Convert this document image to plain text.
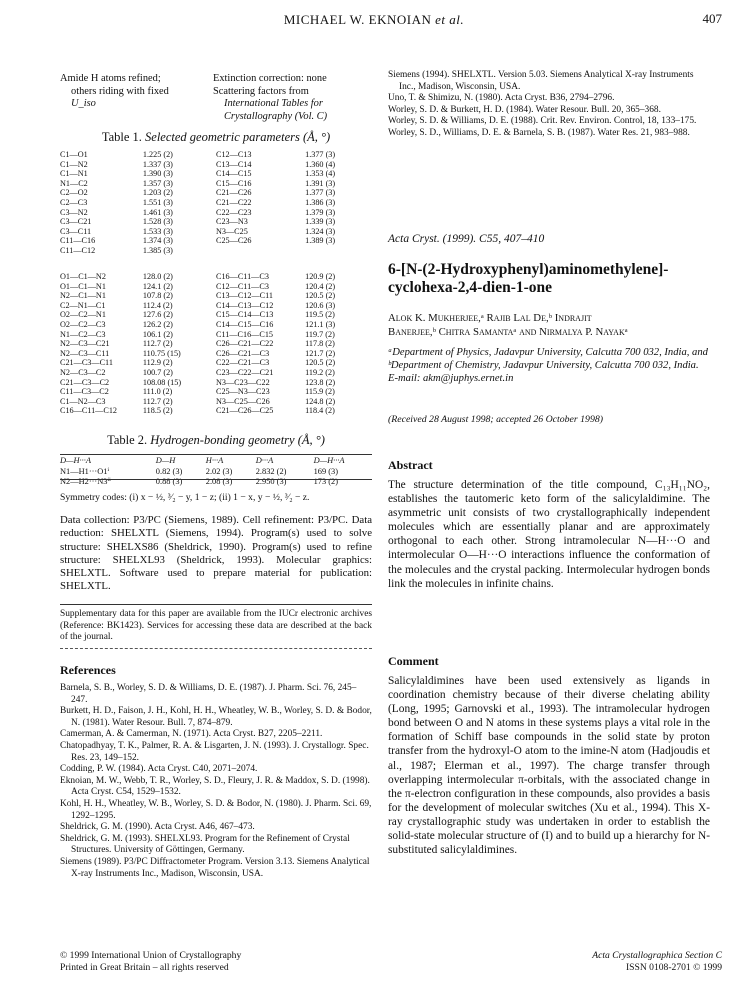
MICHAEL W. EKNOIAN et al.	407
Amide H atoms refined;
others riding with fixed
U_iso
Extinction correction: none
Scattering factors from
International Tables for
Crystallography (Vol. C)
Table 1. Selected geometric parameters (Å, °)
C1—O1	1.225 (2)	C12—C13	1.377 (3)
C1—N2	1.337 (3)	C13—C14	1.360 (4)
C1—N1	1.390 (3)	C14—C15	1.353 (4)
N1—C2	1.357 (3)	C15—C16	1.391 (3)
C2—O2	1.203 (2)	C21—C26	1.377 (3)
C2—C3	1.551 (3)	C21—C22	1.386 (3)
C3—N2	1.461 (3)	C22—C23	1.379 (3)
C3—C21	1.528 (3)	C23—N3	1.339 (3)
C3—C11	1.533 (3)	N3—C25	1.324 (3)
C11—C16	1.374 (3)	C25—C26	1.389 (3)
C11—C12	1.385 (3)		
O1—C1—N2	128.0 (2)	C16—C11—C3	120.9 (2)
O1—C1—N1	124.1 (2)	C12—C11—C3	120.4 (2)
N2—C1—N1	107.8 (2)	C13—C12—C11	120.5 (2)
C2—N1—C1	112.4 (2)	C14—C13—C12	120.6 (3)
O2—C2—N1	127.6 (2)	C15—C14—C13	119.5 (2)
O2—C2—C3	126.2 (2)	C14—C15—C16	121.1 (3)
N1—C2—C3	106.1 (2)	C11—C16—C15	119.7 (2)
N2—C3—C21	112.7 (2)	C26—C21—C22	117.8 (2)
N2—C3—C11	110.75 (15)	C26—C21—C3	121.7 (2)
C21—C3—C11	112.9 (2)	C22—C21—C3	120.5 (2)
N2—C3—C2	100.7 (2)	C23—C22—C21	119.2 (2)
C21—C3—C2	108.08 (15)	N3—C23—C22	123.8 (2)
C11—C3—C2	111.0 (2)	C25—N3—C23	115.9 (2)
C1—N2—C3	112.7 (2)	N3—C25—C26	124.8 (2)
C16—C11—C12	118.5 (2)	C21—C26—C25	118.4 (2)
Table 2. Hydrogen-bonding geometry (Å, °)
D—H···A	D—H	H···A	D···A	D—H···A
N1—H1···O1ⁱ	0.82 (3)	2.02 (3)	2.832 (2)	169 (3)
N2—H2···N3ⁱⁱ	0.88 (3)	2.08 (3)	2.950 (3)	173 (2)
Symmetry codes: (i) x − ½, ³⁄₂ − y, 1 − z; (ii) 1 − x, y − ½, ³⁄₂ − z.
Data collection: P3/PC (Siemens, 1989). Cell refinement: P3/PC. Data reduction: SHELXTL (Siemens, 1994). Program(s) used to solve structure: SHELXS86 (Sheldrick, 1990). Program(s) used to refine structure: SHELXL93 (Sheldrick, 1993). Molecular graphics: SHELXTL. Software used to prepare material for publication: SHELXTL.
Supplementary data for this paper are available from the IUCr electronic archives (Reference: BK1423). Services for accessing these data are described at the back of the journal.
References
Barnela, S. B., Worley, S. D. & Williams, D. E. (1987). J. Pharm. Sci. 76, 245–247.
Burkett, H. D., Faison, J. H., Kohl, H. H., Wheatley, W. B., Worley, S. D. & Bodor, N. (1981). Water Resour. Bull. 7, 874–879.
Camerman, A. & Camerman, N. (1971). Acta Cryst. B27, 2205–2211.
Chatopadhyay, T. K., Palmer, R. A. & Lisgarten, J. N. (1993). J. Crystallogr. Spec. Res. 23, 149–152.
Codding, P. W. (1984). Acta Cryst. C40, 2071–2074.
Eknoian, M. W., Webb, T. R., Worley, S. D., Fleury, J. R. & Maddox, S. D. (1998). Acta Cryst. C54, 1529–1532.
Kohl, H. H., Wheatley, W. B., Worley, S. D. & Bodor, N. (1980). J. Pharm. Sci. 69, 1292–1295.
Sheldrick, G. M. (1990). Acta Cryst. A46, 467–473.
Sheldrick, G. M. (1993). SHELXL93. Program for the Refinement of Crystal Structures. University of Göttingen, Germany.
Siemens (1989). P3/PC Diffractometer Program. Version 3.13. Siemens Analytical X-ray Instruments Inc., Madison, Wisconsin, USA.
Siemens (1994). SHELXTL. Version 5.03. Siemens Analytical X-ray Instruments Inc., Madison, Wisconsin, USA.
Uno, T. & Shimizu, N. (1980). Acta Cryst. B36, 2794–2796.
Worley, S. D. & Burkett, H. D. (1984). Water Resour. Bull. 20, 365–368.
Worley, S. D. & Williams, D. E. (1988). Crit. Rev. Environ. Control, 18, 133–175.
Worley, S. D., Williams, D. E. & Barnela, S. B. (1987). Water Res. 21, 983–988.
Acta Cryst. (1999). C55, 407–410
6-[N-(2-Hydroxyphenyl)aminomethylene]-
cyclohexa-2,4-dien-1-one
Alok K. Mukherjee,ᵃ Rajib Lal De,ᵇ Indrajit
Banerjee,ᵇ Chitra Samantaᵃ and Nirmalya P. Nayakᵃ
ᵃDepartment of Physics, Jadavpur University, Calcutta 700 032, India, and ᵇDepartment of Chemistry, Jadavpur University, Calcutta 700 032, India. E-mail: akm@juphys.ernet.in
(Received 28 August 1998; accepted 26 October 1998)
Abstract
The structure determination of the title compound, C₁₃H₁₁NO₂, establishes the tautomeric keto form of the salicylaldimine. The asymmetric unit consists of two crystallographically independent molecules which are essentially planar and are approximately orthogonal to each other. Strong intramolecular N—H···O and intermolecular O—H···O interactions influence the conformation of the molecules and the crystal packing. Intermolecular hydrogen bonds link the molecules in infinite chains.
Comment
Salicylaldimines have been used extensively as ligands in coordination chemistry because of their diverse chelating ability (Long, 1995; Garnovski et al., 1993). The intramolecular hydrogen bond between O and N atoms in these systems plays a vital role in the formation of Schiff base compounds in the solid state by proton transfer from the hydroxyl-O atom to the imine-N atom (Hadjoudis et al., 1987; Elerman et al., 1997). The charge transfer through overlapping intermolecular π-orbitals, with the associated change in the π-electron configuration in these compounds, also provides a basis for the development of molecular switches (Xu et al., 1994). This X-ray crystallographic study was undertaken in order to establish the solid-state molecular structure of (I) and to build up a hierarchy for N-substituted salicylaldimines.
© 1999 International Union of Crystallography
Printed in Great Britain – all rights reserved
Acta Crystallographica Section C
ISSN 0108-2701 © 1999
